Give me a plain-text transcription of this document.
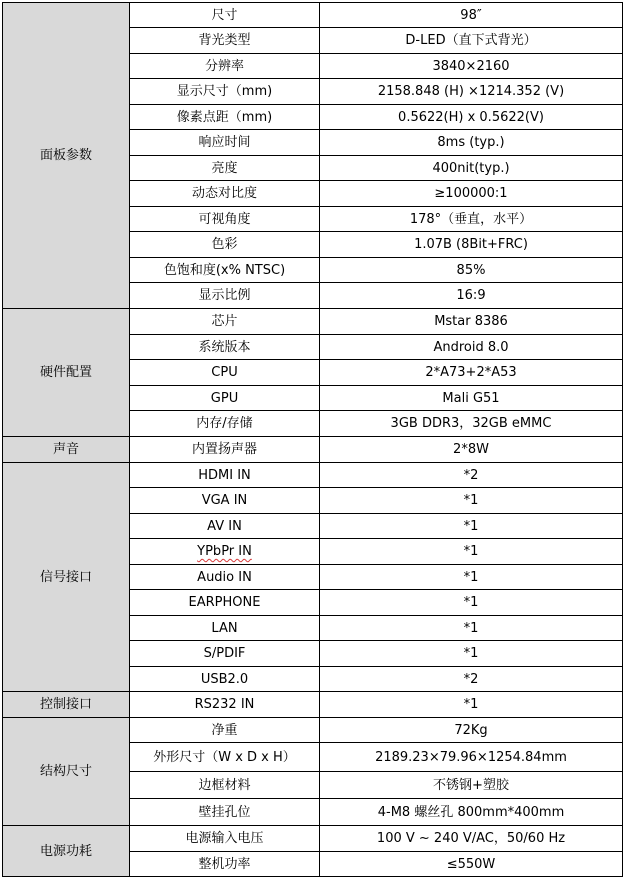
面板参数	尺寸	98″
	背光类型	D-LED（直下式背光）
	分辨率	3840×2160
	显示尺寸（mm)	2158.848 (H) ×1214.352 (V)
	像素点距（mm)	0.5622(H) x 0.5622(V)
	响应时间	8ms (typ.)
	亮度	400nit(typ.)
	动态对比度	≥100000:1
	可视角度	178°（垂直，水平）
	色彩	1.07B (8Bit+FRC)
	色饱和度(x% NTSC)	85%
	显示比例	16:9
硬件配置	芯片	Mstar 8386
	系统版本	Android 8.0
	CPU	2*A73+2*A53
	GPU	Mali G51
	内存/存储	3GB DDR3，32GB eMMC
声音	内置扬声器	2*8W
信号接口	HDMI IN	*2
	VGA IN	*1
	AV IN	*1
	YPbPr IN	*1
	Audio IN	*1
	EARPHONE	*1
	LAN	*1
	S/PDIF	*1
	USB2.0	*2
控制接口	RS232 IN	*1
结构尺寸	净重	72Kg
	外形尺寸（W x D x H）	2189.23×79.96×1254.84mm
	边框材料	不锈钢+塑胶
	壁挂孔位	4-M8 螺丝孔 800mm*400mm
电源功耗	电源输入电压	100 V ~ 240 V/AC，50/60 Hz
	整机功率	≤550W
